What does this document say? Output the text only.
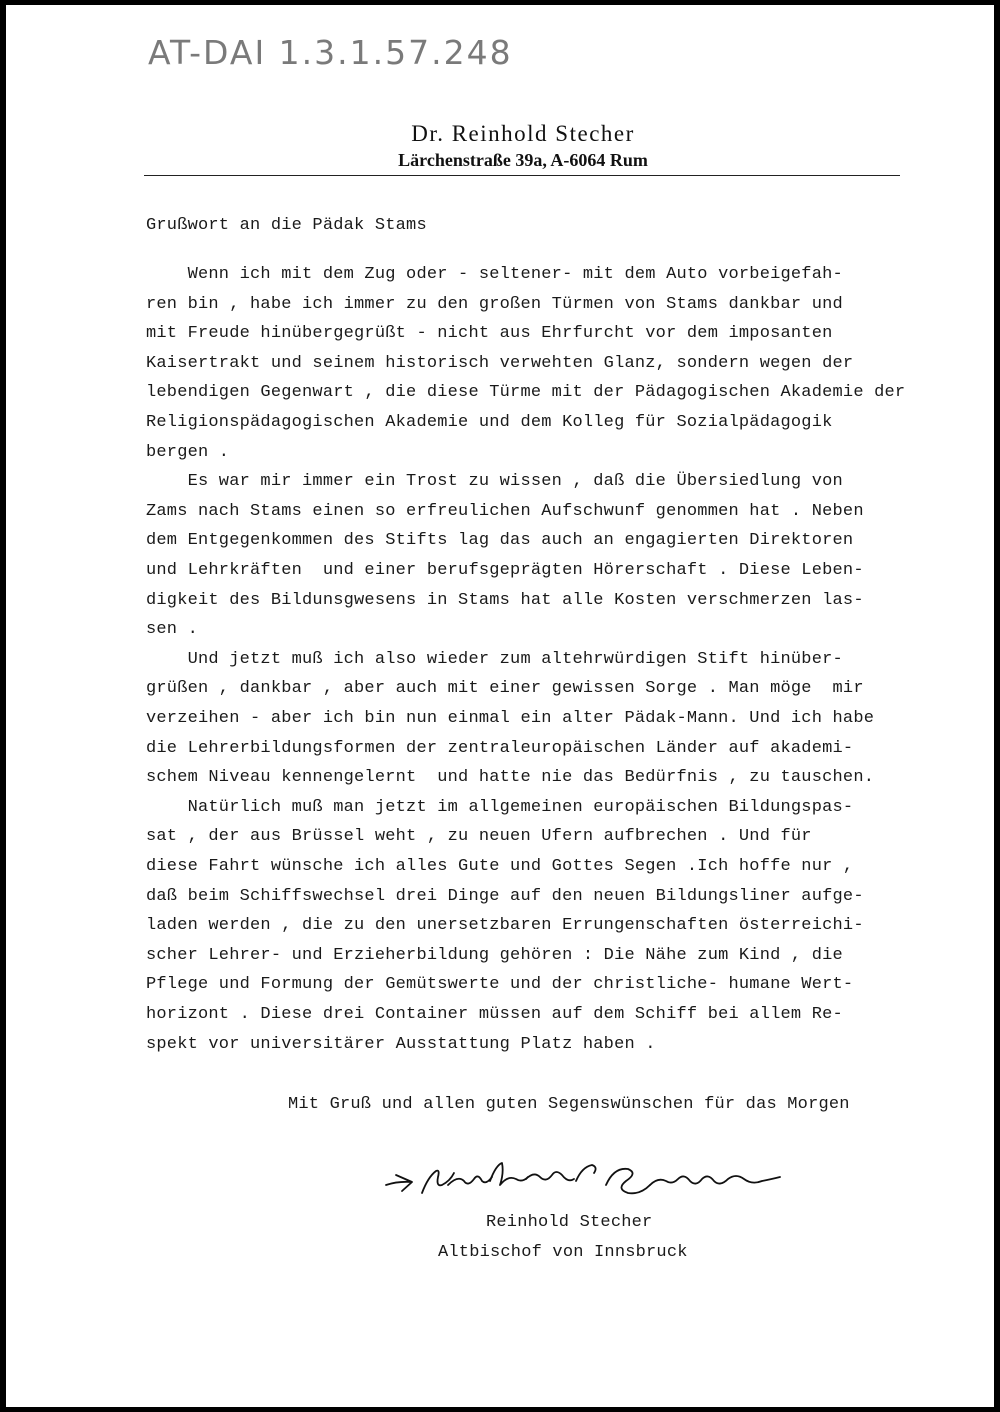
AT-DAI 1.3.1.57.248
Dr. Reinhold Stecher
Lärchenstraße 39a, A-6064 Rum
Grußwort an die Pädak Stams
Wenn ich mit dem Zug oder - seltener- mit dem Auto vorbeigefah-
ren bin , habe ich immer zu den großen Türmen von Stams dankbar und
mit Freude hinübergegrüßt - nicht aus Ehrfurcht vor dem imposanten
Kaisertrakt und seinem historisch verwehten Glanz, sondern wegen der
lebendigen Gegenwart , die diese Türme mit der Pädagogischen Akademie der
Religionspädagogischen Akademie und dem Kolleg für Sozialpädagogik
bergen .
Es war mir immer ein Trost zu wissen , daß die Übersiedlung von
Zams nach Stams einen so erfreulichen Aufschwunf genommen hat . Neben
dem Entgegenkommen des Stifts lag das auch an engagierten Direktoren
und Lehrkräften  und einer berufsgeprägten Hörerschaft . Diese Leben-
digkeit des Bildunsgwesens in Stams hat alle Kosten verschmerzen las-
sen .
Und jetzt muß ich also wieder zum altehrwürdigen Stift hinüber-
grüßen , dankbar , aber auch mit einer gewissen Sorge . Man möge  mir
verzeihen - aber ich bin nun einmal ein alter Pädak-Mann. Und ich habe
die Lehrerbildungsformen der zentraleuropäischen Länder auf akademi-
schem Niveau kennengelernt  und hatte nie das Bedürfnis , zu tauschen.
Natürlich muß man jetzt im allgemeinen europäischen Bildungspas-
sat , der aus Brüssel weht , zu neuen Ufern aufbrechen . Und für
diese Fahrt wünsche ich alles Gute und Gottes Segen .Ich hoffe nur ,
daß beim Schiffswechsel drei Dinge auf den neuen Bildungsliner aufge-
laden werden , die zu den unersetzbaren Errungenschaften österreichi-
scher Lehrer- und Erzieherbildung gehören : Die Nähe zum Kind , die
Pflege und Formung der Gemütswerte und der christliche- humane Wert-
horizont . Diese drei Container müssen auf dem Schiff bei allem Re-
spekt vor universitärer Ausstattung Platz haben .
Mit Gruß und allen guten Segenswünschen für das Morgen
Reinhold Stecher
Altbischof von Innsbruck
